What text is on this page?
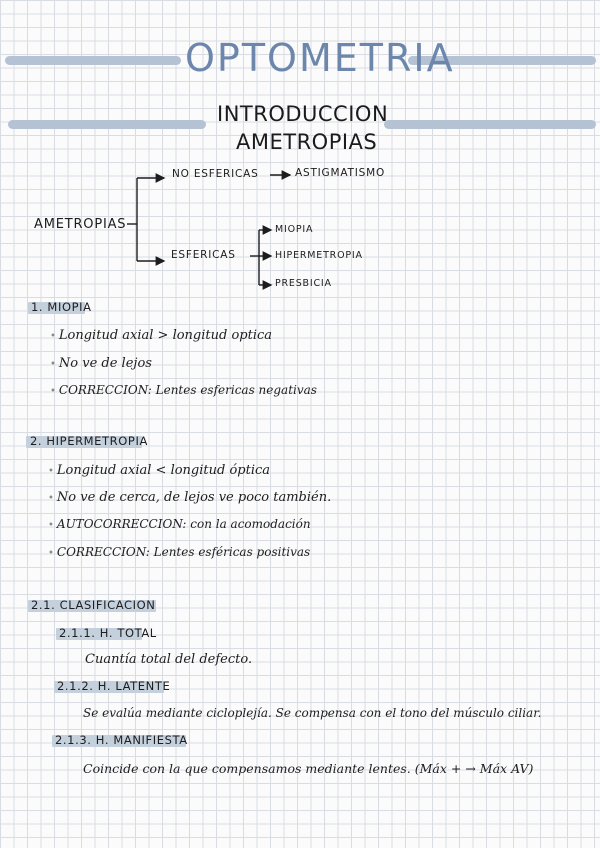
OPTOMETRIA
INTRODUCCION
AMETROPIAS
AMETROPIAS
NO ESFERICAS	ASTIGMATISMO
ESFERICAS
MIOPIA
HIPERMETROPIA
PRESBICIA
1. MIOPIA
• Longitud axial > longitud optica
• No ve de lejos
• CORRECCION: Lentes esfericas negativas
2. HIPERMETROPIA
• Longitud axial < longitud óptica
• No ve de cerca, de lejos ve poco también.
• AUTOCORRECCION: con la acomodación
• CORRECCION: Lentes esféricas positivas
2.1. CLASIFICACION
2.1.1. H. TOTAL
Cuantía total del defecto.
2.1.2. H. LATENTE
Se evalúa mediante cicloplejía. Se compensa con el tono del músculo ciliar.
2.1.3. H. MANIFIESTA
Coincide con la que compensamos mediante lentes. (Máx + → Máx AV)
